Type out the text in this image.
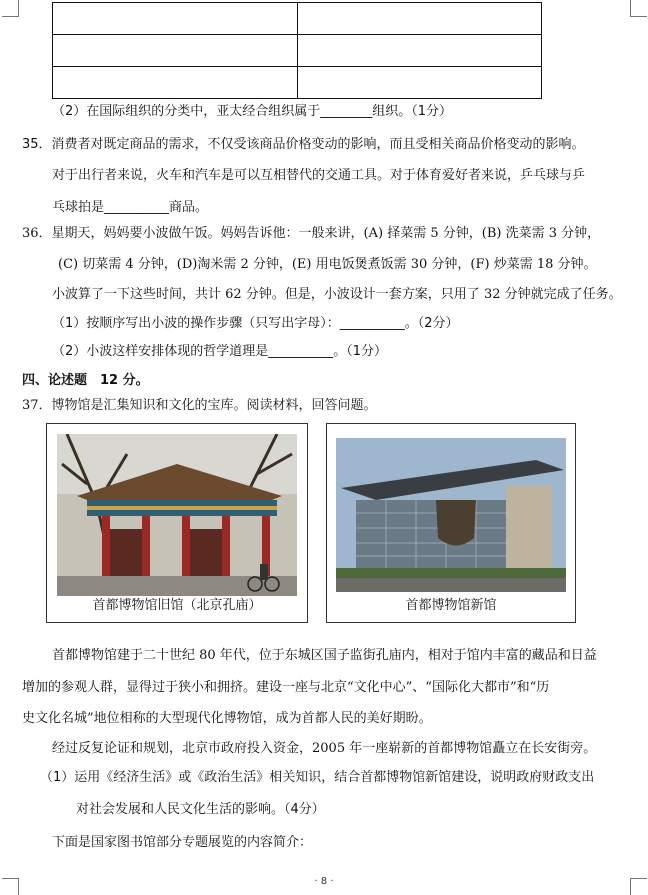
（2）在国际组织的分类中，亚太经合组织属于________组织。（1分）
35．消费者对既定商品的需求，不仅受该商品价格变动的影响，而且受相关商品价格变动的影响。
对于出行者来说，火车和汽车是可以互相替代的交通工具。对于体育爱好者来说，乒乓球与乒
乓球拍是__________商品。
36．星期天，妈妈要小波做午饭。妈妈告诉他：一般来讲，(A) 择菜需 5 分钟，(B) 洗菜需 3 分钟，
(C) 切菜需 4 分钟，(D)淘米需 2 分钟，(E) 用电饭煲煮饭需 30 分钟，(F) 炒菜需 18 分钟。
小波算了一下这些时间，共计 62 分钟。但是，小波设计一套方案，只用了 32 分钟就完成了任务。
（1）按顺序写出小波的操作步骤（只写出字母）：__________。（2分）
（2）小波这样安排体现的哲学道理是__________。（1分）
四、论述题　12 分。
37．博物馆是汇集知识和文化的宝库。阅读材料，回答问题。
首都博物馆旧馆（北京孔庙）	首都博物馆新馆
首都博物馆建于二十世纪 80 年代，位于东城区国子监街孔庙内，相对于馆内丰富的藏品和日益
增加的参观人群，显得过于狭小和拥挤。建设一座与北京“文化中心”、“国际化大都市”和“历
史文化名城”地位相称的大型现代化博物馆，成为首都人民的美好期盼。
经过反复论证和规划，北京市政府投入资金，2005 年一座崭新的首都博物馆矗立在长安街旁。
（1）运用《经济生活》或《政治生活》相关知识，结合首都博物馆新馆建设，说明政府财政支出
对社会发展和人民文化生活的影响。（4分）
下面是国家图书馆部分专题展览的内容简介：
· 8 ·
